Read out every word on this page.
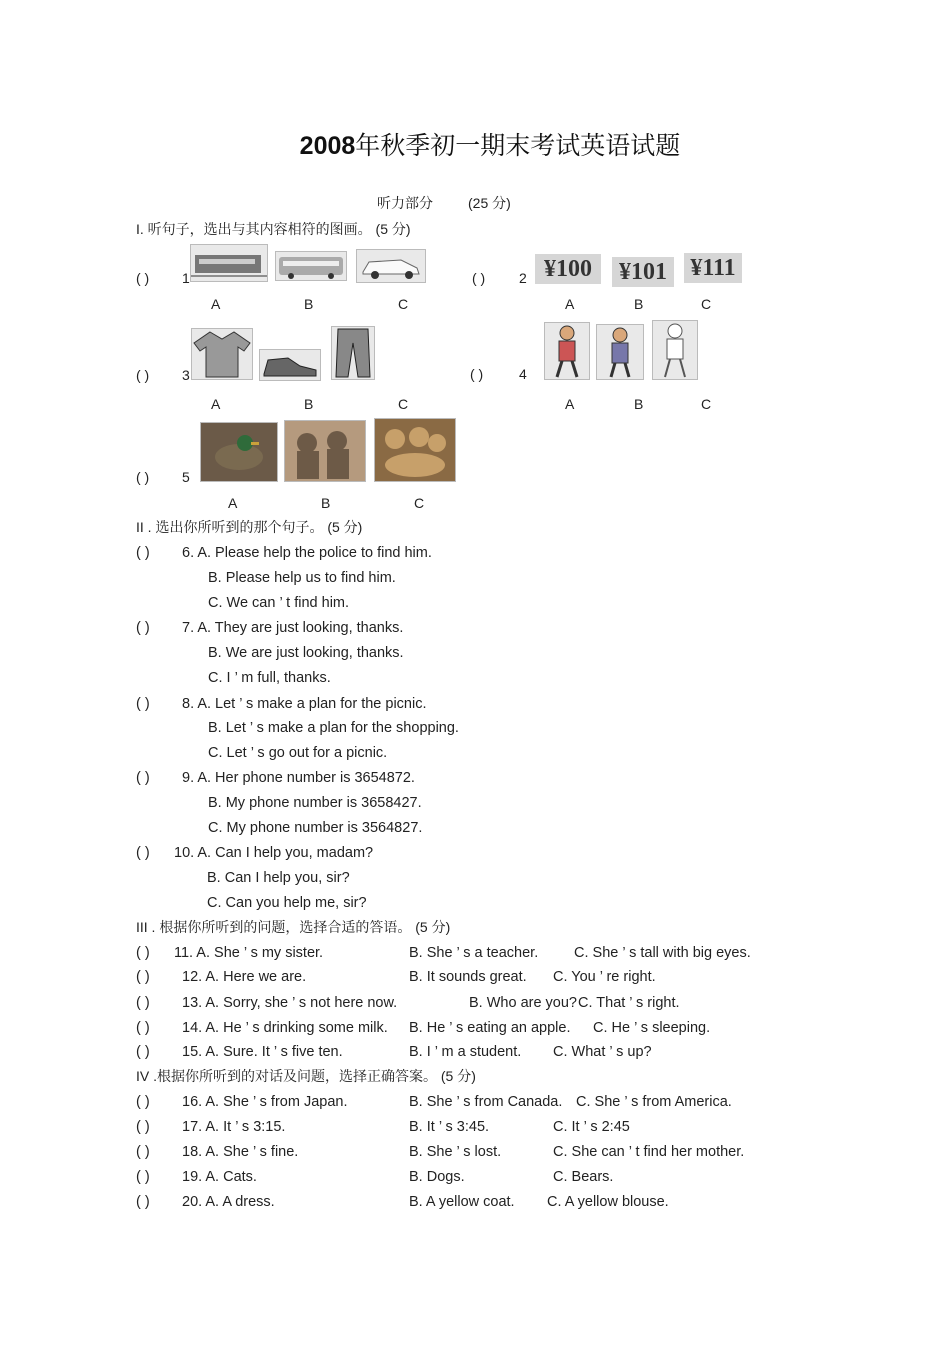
2008年秋季初一期末考试英语试题
听力部分	(25 分)
I. 听句子，选出与其内容相符的图画。 (5 分)
( ) 1
A	B	C
( ) 2 ¥100	¥101 ¥111
A	B	C
( ) 3
A	B	C
( )	4
A	B	C
( ) 5
A	B	C
II . 选出你所听到的那个句子。 (5 分)
( ) 6. A. Please help the police to find him.
B. Please help us to find him.
C. We can ’ t find him.
( ) 7. A. They are just looking, thanks.
B. We are just looking, thanks.
C. I ’ m full, thanks.
( ) 8. A. Let ’ s make a plan for the picnic.
B. Let ’ s make a plan for the shopping.
C. Let ’ s go out for a picnic.
( ) 9. A. Her phone number is 3654872.
B. My phone number is 3658427.
C. My phone number is 3564827.
( ) 10. A. Can I help you, madam?
B. Can I help you, sir?
C. Can you help me, sir?
III . 根据你所听到的问题，选择合适的答语。 (5 分)
( ) 11. A. She ’ s my sister.	B. She ’ s a teacher. C. She ’ s tall with big eyes.
( ) 12. A. Here we are.	B. It sounds great. C. You ’ re right.
( ) 13. A. Sorry, she ’ s not here now.	B. Who are you? C. That ’ s right.
( ) 14. A. He ’ s drinking some milk. B. He ’ s eating an apple. C. He ’ s sleeping.
( ) 15. A. Sure. It ’ s five ten.	B. I ’ m a student. C. What ’ s up?
IV .根据你所听到的对话及问题，选择正确答案。 (5 分)
( ) 16. A. She ’ s from Japan.	B. She ’ s from Canada. C. She ’ s from America.
( ) 17. A. It ’ s 3:15.	B. It ’ s 3:45.	C. It ’ s 2:45
( ) 18. A. She ’ s fine.	B. She ’ s lost.	C. She can ’ t find her mother.
( ) 19. A. Cats.	B. Dogs.	C. Bears.
( ) 20. A. A dress.	B. A yellow coat. C. A yellow blouse.
